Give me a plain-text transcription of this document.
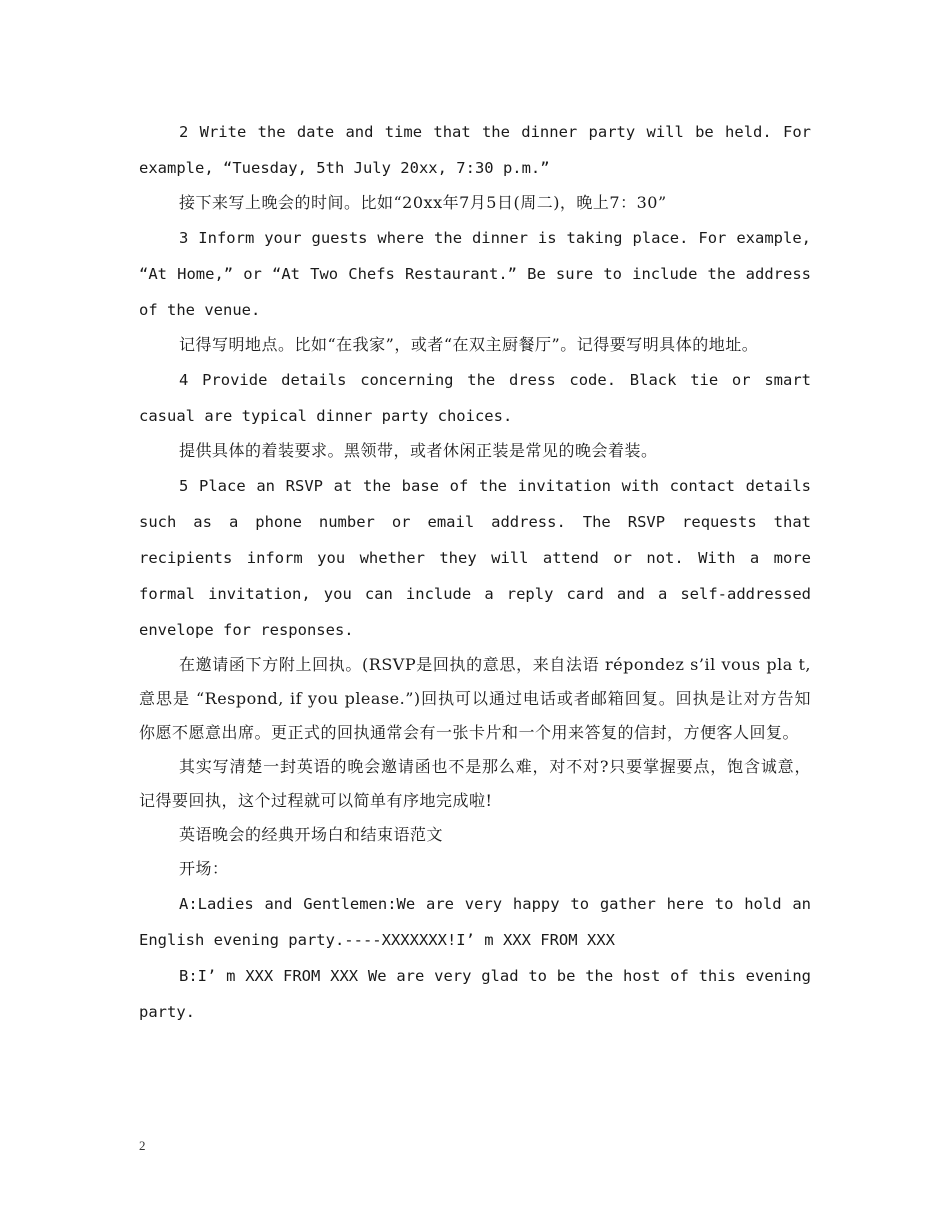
2 Write the date and time that the dinner party will be held. For example, “Tuesday, 5th July 20xx, 7:30 p.m.”

接下来写上晚会的时间。比如“20xx年7月5日(周二)，晚上7：30”

3 Inform your guests where the dinner is taking place. For example, “At Home,” or “At Two Chefs Restaurant.” Be sure to include the address of the venue.

记得写明地点。比如“在我家”，或者“在双主厨餐厅”。记得要写明具体的地址。

4 Provide details concerning the dress code. Black tie or smart casual are typical dinner party choices.

提供具体的着装要求。黑领带，或者休闲正装是常见的晚会着装。

5 Place an RSVP at the base of the invitation with contact details such as a phone number or email address. The RSVP requests that recipients inform you whether they will attend or not. With a more formal invitation, you can include a reply card and a self-addressed envelope for responses.

在邀请函下方附上回执。(RSVP是回执的意思，来自法语 répondez s’il vous pla t, 意思是 “Respond, if you please.”)回执可以通过电话或者邮箱回复。回执是让对方告知你愿不愿意出席。更正式的回执通常会有一张卡片和一个用来答复的信封，方便客人回复。

其实写清楚一封英语的晚会邀请函也不是那么难，对不对?只要掌握要点，饱含诚意，记得要回执，这个过程就可以简单有序地完成啦!

英语晚会的经典开场白和结束语范文

开场：

A:Ladies and Gentlemen:We are very happy to gather here to hold an English evening party.----XXXXXXX!I’ m XXX FROM XXX

B:I’ m XXX FROM XXX We are very glad to be the host of this evening party.

2
